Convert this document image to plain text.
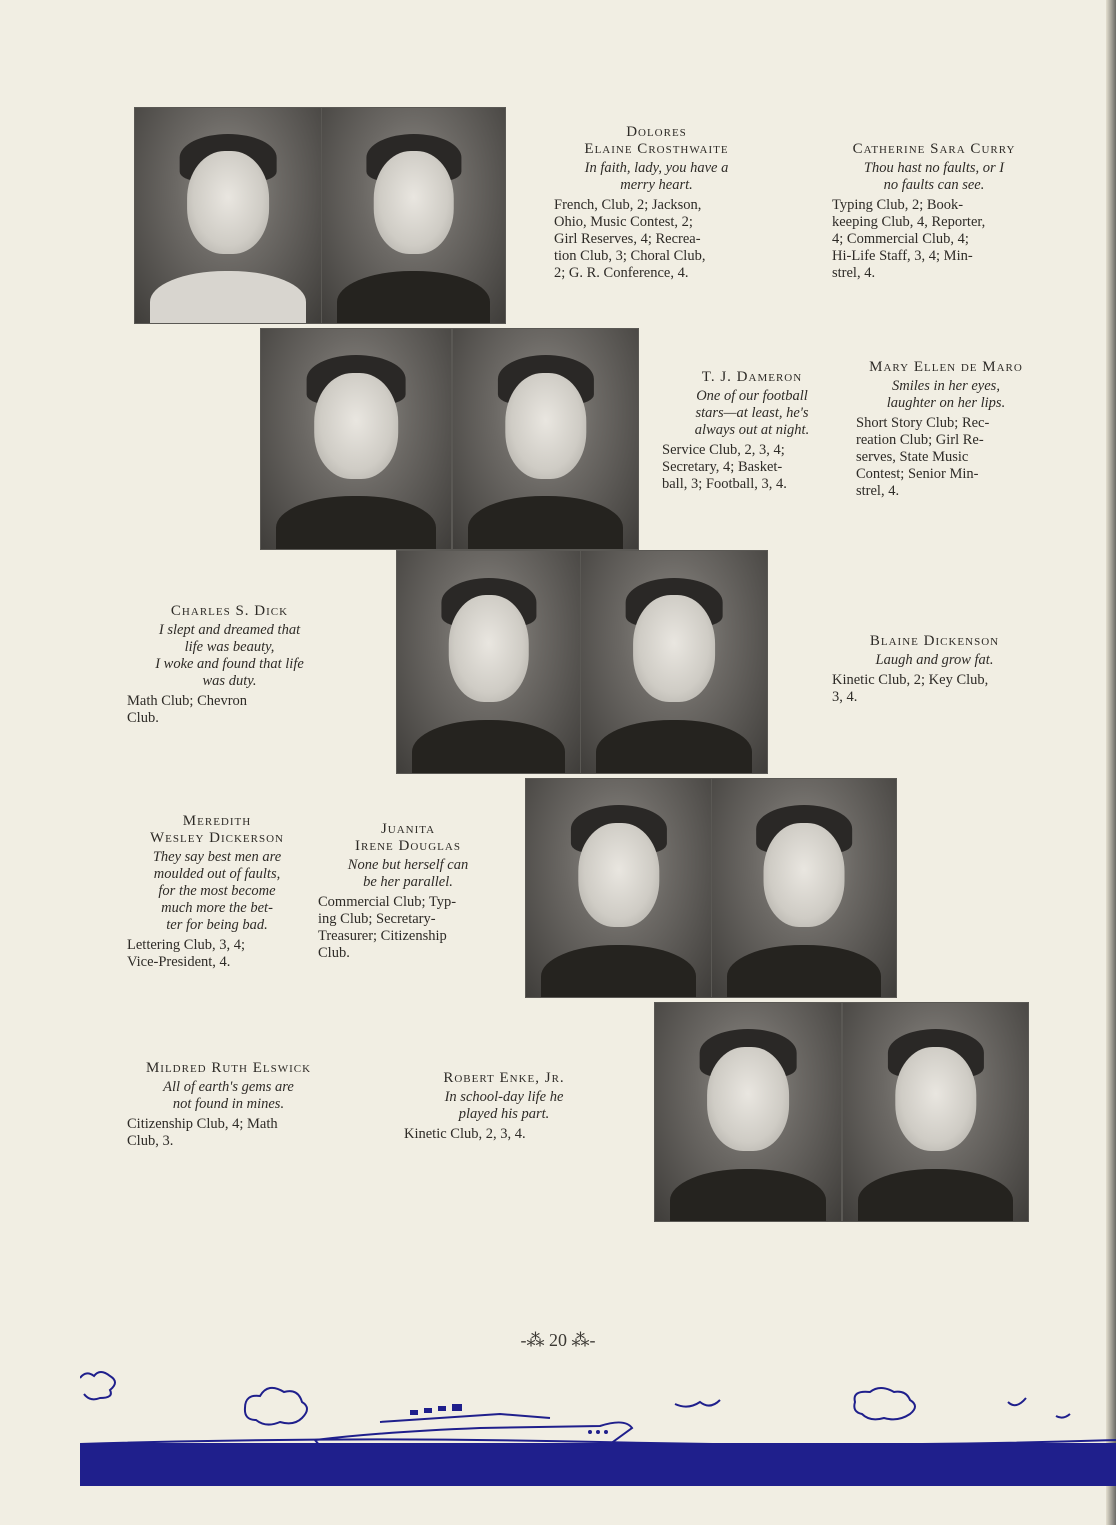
Dolores
Elaine Crosthwaite
In faith, lady, you have a
merry heart.
French, Club, 2; Jackson,
Ohio, Music Contest, 2;
Girl Reserves, 4; Recrea-
tion Club, 3; Choral Club,
2; G. R. Conference, 4.
Catherine Sara Curry
Thou hast no faults, or I
no faults can see.
Typing Club, 2; Book-
keeping Club, 4, Reporter,
4; Commercial Club, 4;
Hi-Life Staff, 3, 4; Min-
strel, 4.
T. J. Dameron
One of our football
stars—at least, he's
always out at night.
Service Club, 2, 3, 4;
Secretary, 4; Basket-
ball, 3; Football, 3, 4.
Mary Ellen de Maro
Smiles in her eyes,
laughter on her lips.
Short Story Club; Rec-
reation Club; Girl Re-
serves, State Music
Contest; Senior Min-
strel, 4.
Charles S. Dick
I slept and dreamed that
life was beauty,
I woke and found that life
was duty.
Math Club; Chevron
Club.
Blaine Dickenson
Laugh and grow fat.
Kinetic Club, 2; Key Club,
3, 4.
Meredith
Wesley Dickerson
They say best men are
moulded out of faults,
for the most become
much more the bet-
ter for being bad.
Lettering Club, 3, 4;
Vice-President, 4.
Juanita
Irene Douglas
None but herself can
be her parallel.
Commercial Club; Typ-
ing Club; Secretary-
Treasurer; Citizenship
Club.
Mildred Ruth Elswick
All of earth's gems are
not found in mines.
Citizenship Club, 4; Math
Club, 3.
Robert Enke, Jr.
In school-day life he
played his part.
Kinetic Club, 2, 3, 4.
-⁂ 20 ⁂-
